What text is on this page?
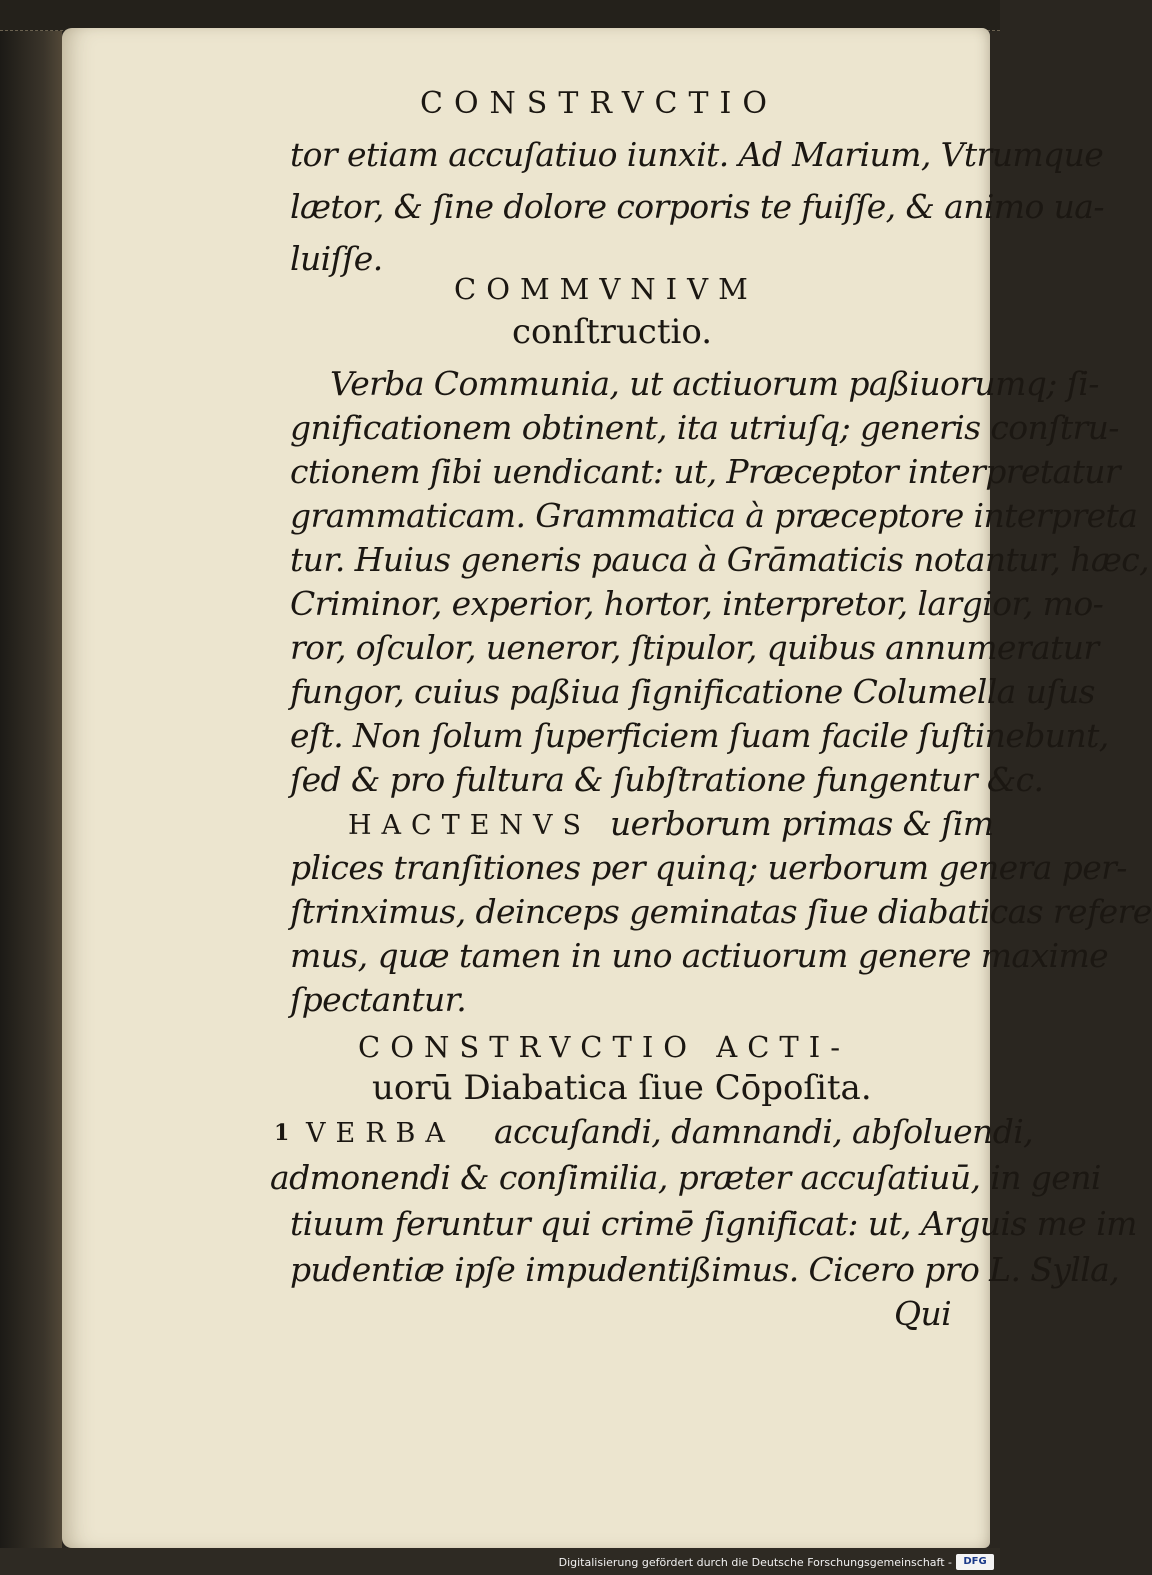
CONSTRVCTIO
tor etiam accuſatiuo iunxit. Ad Marium, Vtrumque
lætor, & ſine dolore corporis te fuiſſe, & animo ua-
luiſſe.
COMMVNIVM
conſtructio.
Verba Communia, ut actiuorum paßiuorumq; ſi-
gnificationem obtinent, ita utriuſq; generis conſtru-
ctionem ſibi uendicant: ut, Præceptor interpretatur
grammaticam. Grammatica à præceptore interpreta
tur. Huius generis pauca à Grāmaticis notantur, hæc,
Criminor, experior, hortor, interpretor, largior, mo-
ror, oſculor, ueneror, ſtipulor, quibus annumeratur
fungor, cuius paßiua ſignificatione Columella uſus
eſt. Non ſolum ſuperficiem ſuam facile ſuſtinebunt,
ſed & pro fultura & ſubſtratione fungentur &c.
HACTENVS uerborum primas & ſim
plices tranſitiones per quinq; uerborum genera per-
ſtrinximus, deinceps geminatas ſiue diabaticas refere
mus, quæ tamen in uno actiuorum genere maxime
ſpectantur.
CONSTRVCTIO ACTI-
uorū Diabatica ſiue Cōpoſita.
1 VERBA accuſandi, damnandi, abſoluendi,
admonendi & conſimilia, præter accuſatiuū, in geni
tiuum feruntur qui crimē ſignificat: ut, Arguis me im
pudentiæ ipſe impudentißimus. Cicero pro L. Sylla,
Qui
Digitalisierung gefördert durch die Deutsche Forschungsgemeinschaft -	DFG
